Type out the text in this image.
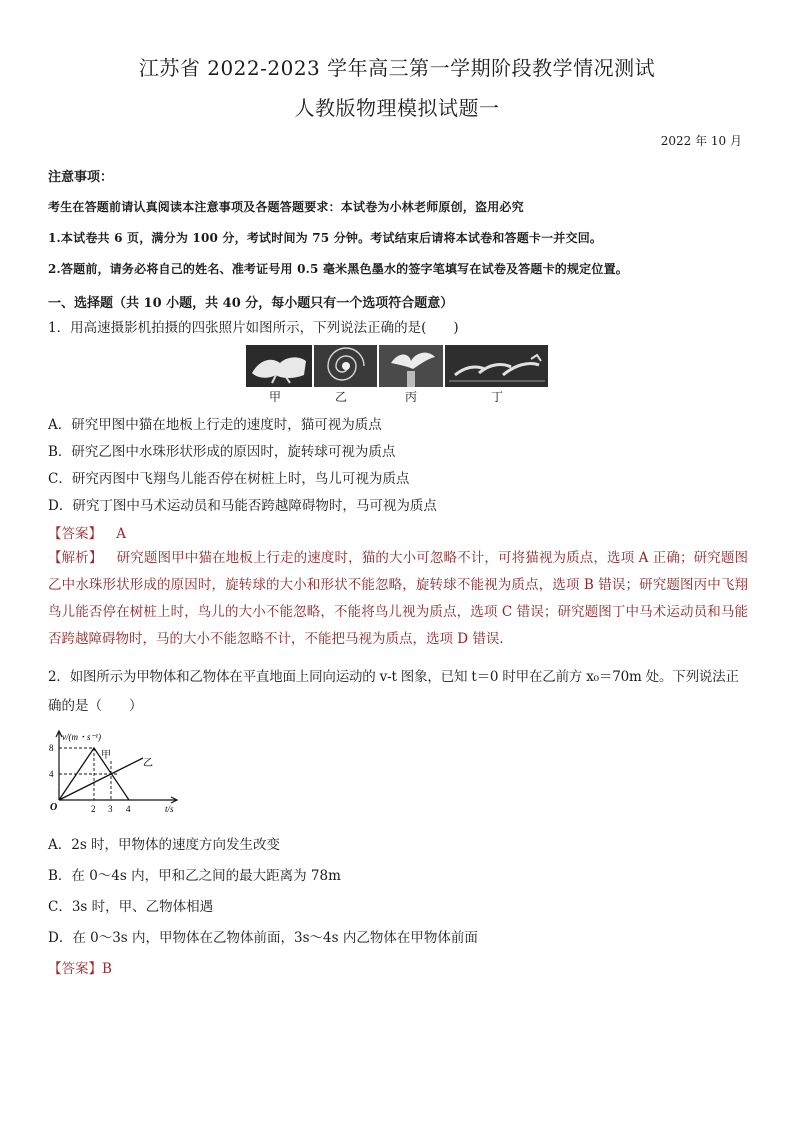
江苏省 2022-2023 学年高三第一学期阶段教学情况测试
人教版物理模拟试题一
2022 年 10 月
注意事项：
考生在答题前请认真阅读本注意事项及各题答题要求：本试卷为小林老师原创，盗用必究
1.本试卷共 6 页，满分为 100 分，考试时间为 75 分钟。考试结束后请将本试卷和答题卡一并交回。
2.答题前，请务必将自己的姓名、准考证号用 0.5 毫米黑色墨水的签字笔填写在试卷及答题卡的规定位置。
一、选择题（共 10 小题，共 40 分，每小题只有一个选项符合题意）
1．用高速摄影机拍摄的四张照片如图所示，下列说法正确的是(　　)
甲	乙	丙	丁
A．研究甲图中猫在地板上行走的速度时，猫可视为质点
B．研究乙图中水珠形状形成的原因时，旋转球可视为质点
C．研究丙图中飞翔鸟儿能否停在树桩上时，鸟儿可视为质点
D．研究丁图中马术运动员和马能否跨越障碍物时，马可视为质点
【答案】 A
【解析】 研究题图甲中猫在地板上行走的速度时，猫的大小可忽略不计，可将猫视为质点，选项 A 正确；研究题图乙中水珠形状形成的原因时，旋转球的大小和形状不能忽略，旋转球不能视为质点，选项 B 错误；研究题图丙中飞翔鸟儿能否停在树桩上时，鸟儿的大小不能忽略，不能将鸟儿视为质点，选项 C 错误；研究题图丁中马术运动员和马能否跨越障碍物时，马的大小不能忽略不计，不能把马视为质点，选项 D 错误．
2．如图所示为甲物体和乙物体在平直地面上同向运动的 v-t 图象，已知 t＝0 时甲在乙前方 x₀＝70m 处。下列说法正
确的是（　　）
v/(m・s⁻¹)
8
4
O	2 3 4	t/s
甲
乙
A．2s 时，甲物体的速度方向发生改变
B．在 0～4s 内，甲和乙之间的最大距离为 78m
C．3s 时，甲、乙物体相遇
D．在 0～3s 内，甲物体在乙物体前面，3s～4s 内乙物体在甲物体前面
【答案】B
